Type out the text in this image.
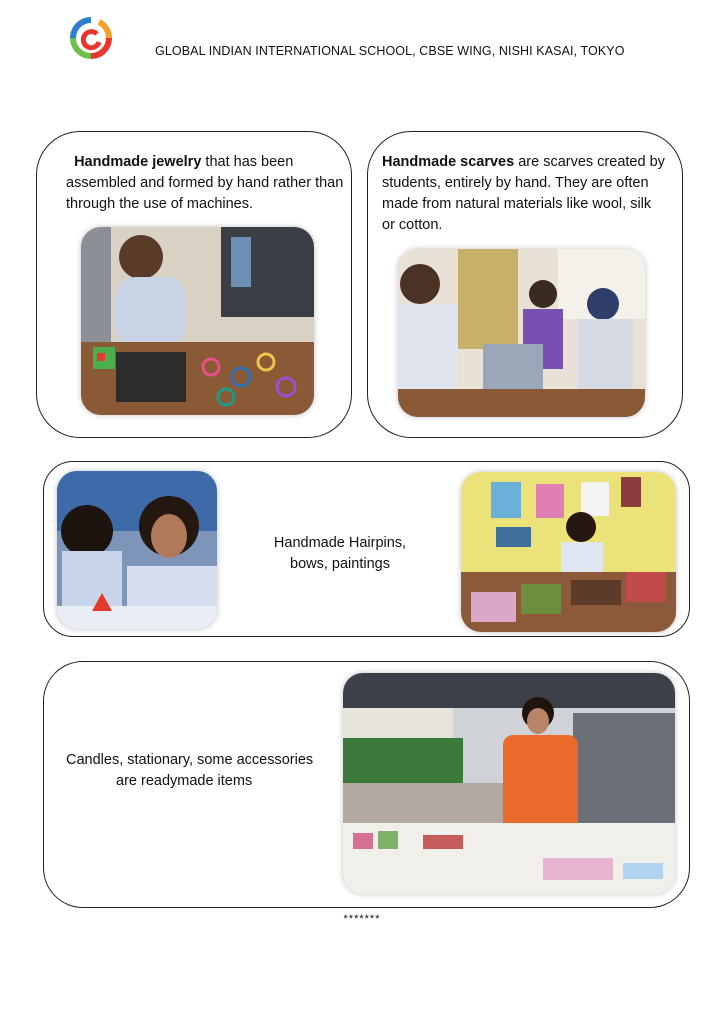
GLOBAL INDIAN INTERNATIONAL SCHOOL, CBSE WING, NISHI KASAI, TOKYO
Handmade jewelry that has been assembled and formed by hand rather than through the use of machines.
Handmade scarves are scarves created by students, entirely by hand. They are often made from natural materials like wool, silk or cotton.
Handmade Hairpins,
bows, paintings
Candles, stationary, some accessories
are readymade items
*******
